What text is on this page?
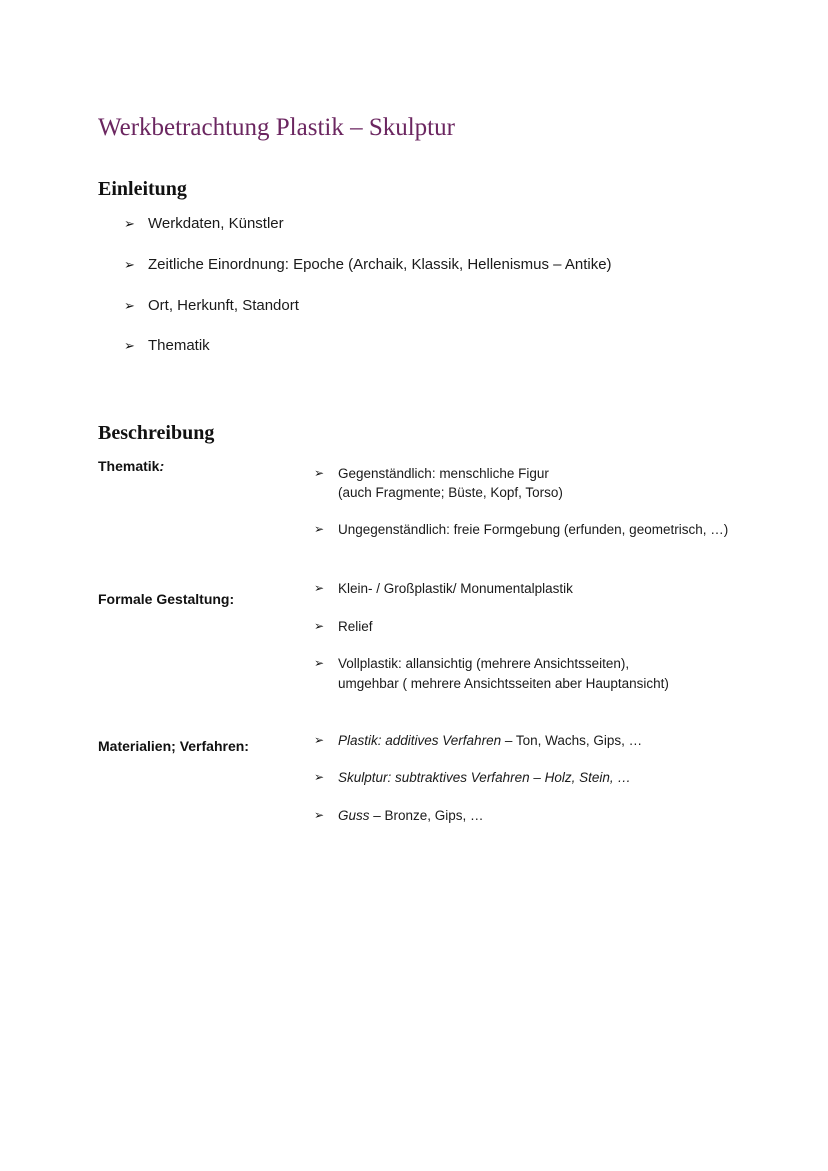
Werkbetrachtung Plastik – Skulptur
Einleitung
➢ Werkdaten, Künstler
➢ Zeitliche Einordnung: Epoche (Archaik, Klassik, Hellenismus – Antike)
➢ Ort, Herkunft, Standort
➢ Thematik
Beschreibung
Thematik:	➢ Gegenständlich: menschliche Figur
(auch Fragmente; Büste, Kopf, Torso)
➢ Ungegenständlich: freie Formgebung (erfunden, geometrisch, …)
Formale Gestaltung:
➢ Klein- / Großplastik/ Monumentalplastik
➢ Relief
➢ Vollplastik: allansichtig (mehrere Ansichtsseiten),
umgehbar ( mehrere Ansichtsseiten aber Hauptansicht)
Materialien; Verfahren:	➢ Plastik: additives Verfahren – Ton, Wachs, Gips, …
➢ Skulptur: subtraktives Verfahren – Holz, Stein, …
➢ Guss – Bronze, Gips, …
